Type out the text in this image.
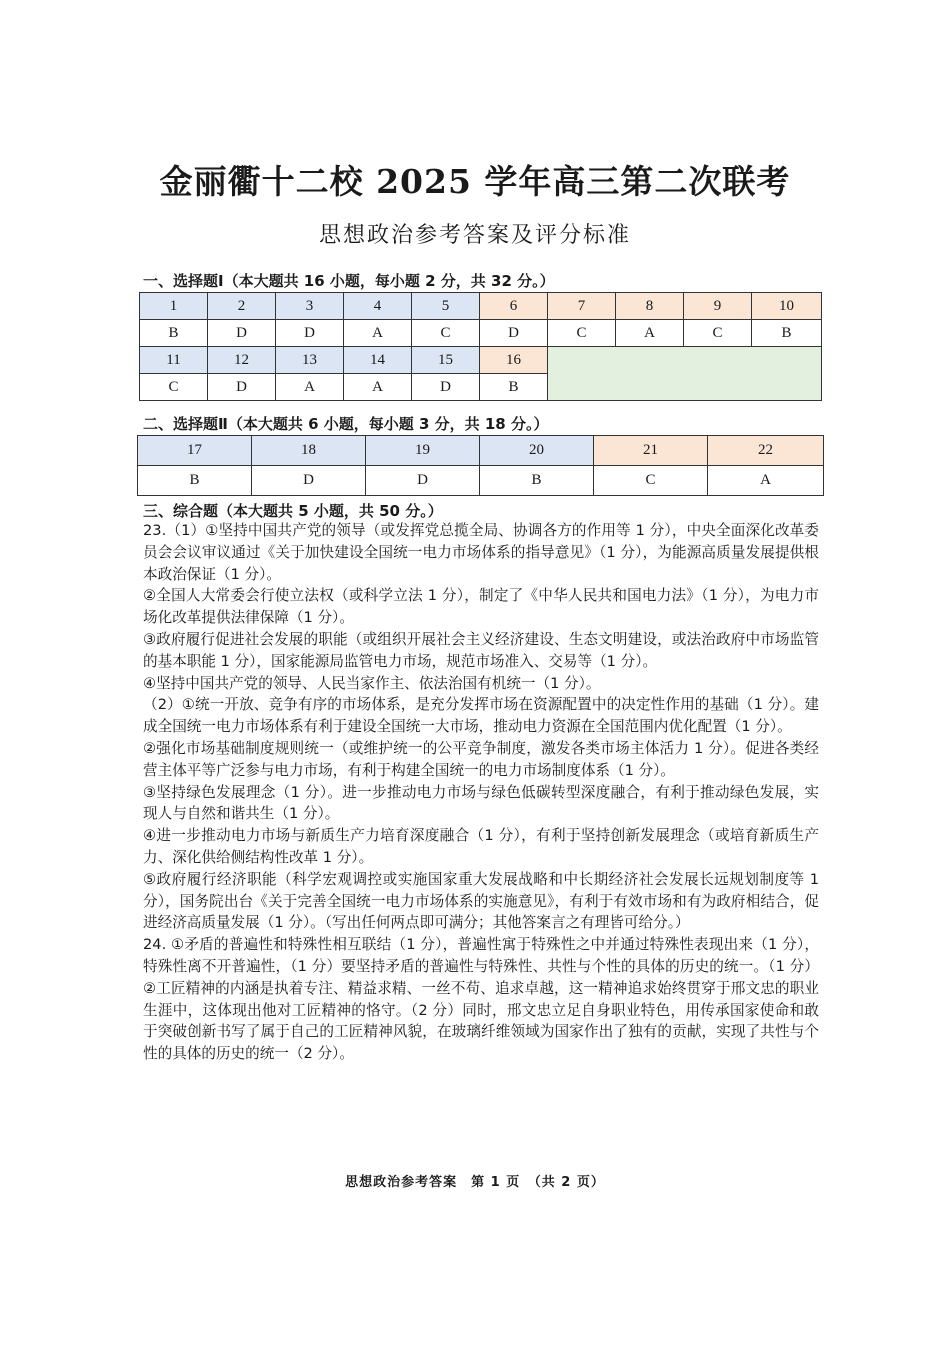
金丽衢十二校 2025 学年高三第二次联考
思想政治参考答案及评分标准
一、选择题Ⅰ（本大题共 16 小题，每小题 2 分，共 32 分。）
1	2	3	4	5	6	7	8	9	10
B	D	D	A	C	D	C	A	C	B
11	12	13	14	15	16				
C	D	A	A	D	B				
二、选择题Ⅱ（本大题共 6 小题，每小题 3 分，共 18 分。）
17	18	19	20	21	22
B	D	D	B	C	A
三、综合题（本大题共 5 小题，共 50 分。）

23.（1）①坚持中国共产党的领导（或发挥党总揽全局、协调各方的作用等 1 分），中央全面深化改革委员会会议审议通过《关于加快建设全国统一电力市场体系的指导意见》（1 分），为能源高质量发展提供根本政治保证（1 分）。

②全国人大常委会行使立法权（或科学立法 1 分），制定了《中华人民共和国电力法》（1 分），为电力市场化改革提供法律保障（1 分）。

③政府履行促进社会发展的职能（或组织开展社会主义经济建设、生态文明建设，或法治政府中市场监管的基本职能 1 分），国家能源局监管电力市场，规范市场准入、交易等（1 分）。

④坚持中国共产党的领导、人民当家作主、依法治国有机统一（1 分）。

（2）①统一开放、竞争有序的市场体系，是充分发挥市场在资源配置中的决定性作用的基础（1 分）。建成全国统一电力市场体系有利于建设全国统一大市场，推动电力资源在全国范围内优化配置（1 分）。

②强化市场基础制度规则统一（或维护统一的公平竞争制度，激发各类市场主体活力 1 分）。促进各类经营主体平等广泛参与电力市场，有利于构建全国统一的电力市场制度体系（1 分）。

③坚持绿色发展理念（1 分）。进一步推动电力市场与绿色低碳转型深度融合，有利于推动绿色发展，实现人与自然和谐共生（1 分）。

④进一步推动电力市场与新质生产力培育深度融合（1 分），有利于坚持创新发展理念（或培育新质生产力、深化供给侧结构性改革 1 分）。

⑤政府履行经济职能（科学宏观调控或实施国家重大发展战略和中长期经济社会发展长远规划制度等 1 分），国务院出台《关于完善全国统一电力市场体系的实施意见》，有利于有效市场和有为政府相结合，促进经济高质量发展（1 分）。（写出任何两点即可满分；其他答案言之有理皆可给分。）

24. ①矛盾的普遍性和特殊性相互联结（1 分），普遍性寓于特殊性之中并通过特殊性表现出来（1 分），特殊性离不开普遍性，（1 分）要坚持矛盾的普遍性与特殊性、共性与个性的具体的历史的统一。（1 分）②工匠精神的内涵是执着专注、精益求精、一丝不苟、追求卓越，这一精神追求始终贯穿于邢文忠的职业生涯中，这体现出他对工匠精神的恪守。（2 分）同时，邢文忠立足自身职业特色，用传承国家使命和敢于突破创新书写了属于自己的工匠精神风貌，在玻璃纤维领域为国家作出了独有的贡献，实现了共性与个性的具体的历史的统一（2 分）。

思想政治参考答案　第 1 页　（共 2 页）
